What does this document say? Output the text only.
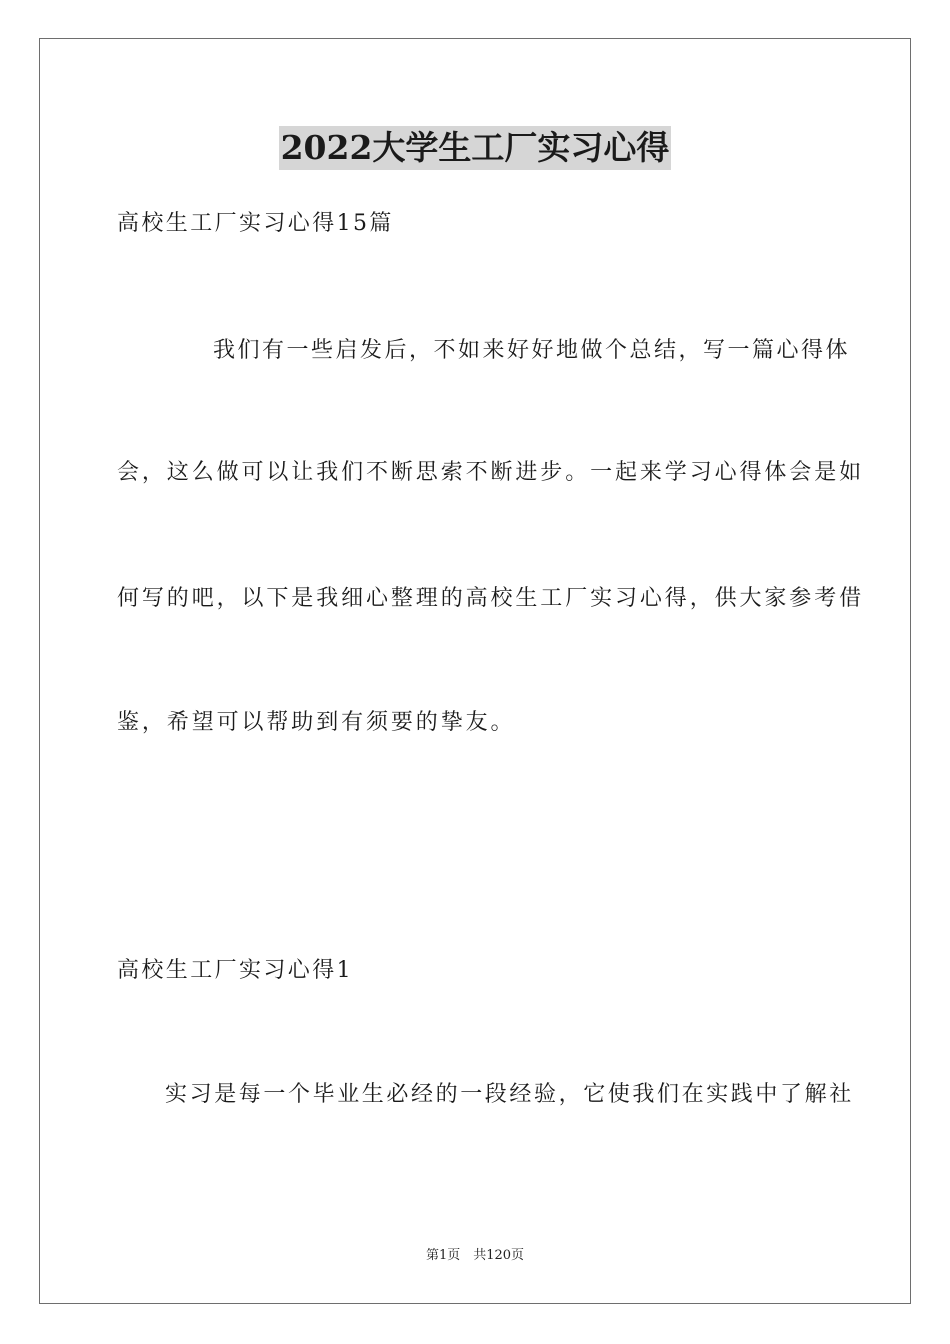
2022大学生工厂实习心得
高校生工厂实习心得15篇
我们有一些启发后，不如来好好地做个总结，写一篇心得体
会，这么做可以让我们不断思索不断进步。一起来学习心得体会是如
何写的吧，以下是我细心整理的高校生工厂实习心得，供大家参考借
鉴，希望可以帮助到有须要的挚友。
高校生工厂实习心得1
实习是每一个毕业生必经的一段经验，它使我们在实践中了解社
第1页　共120页
